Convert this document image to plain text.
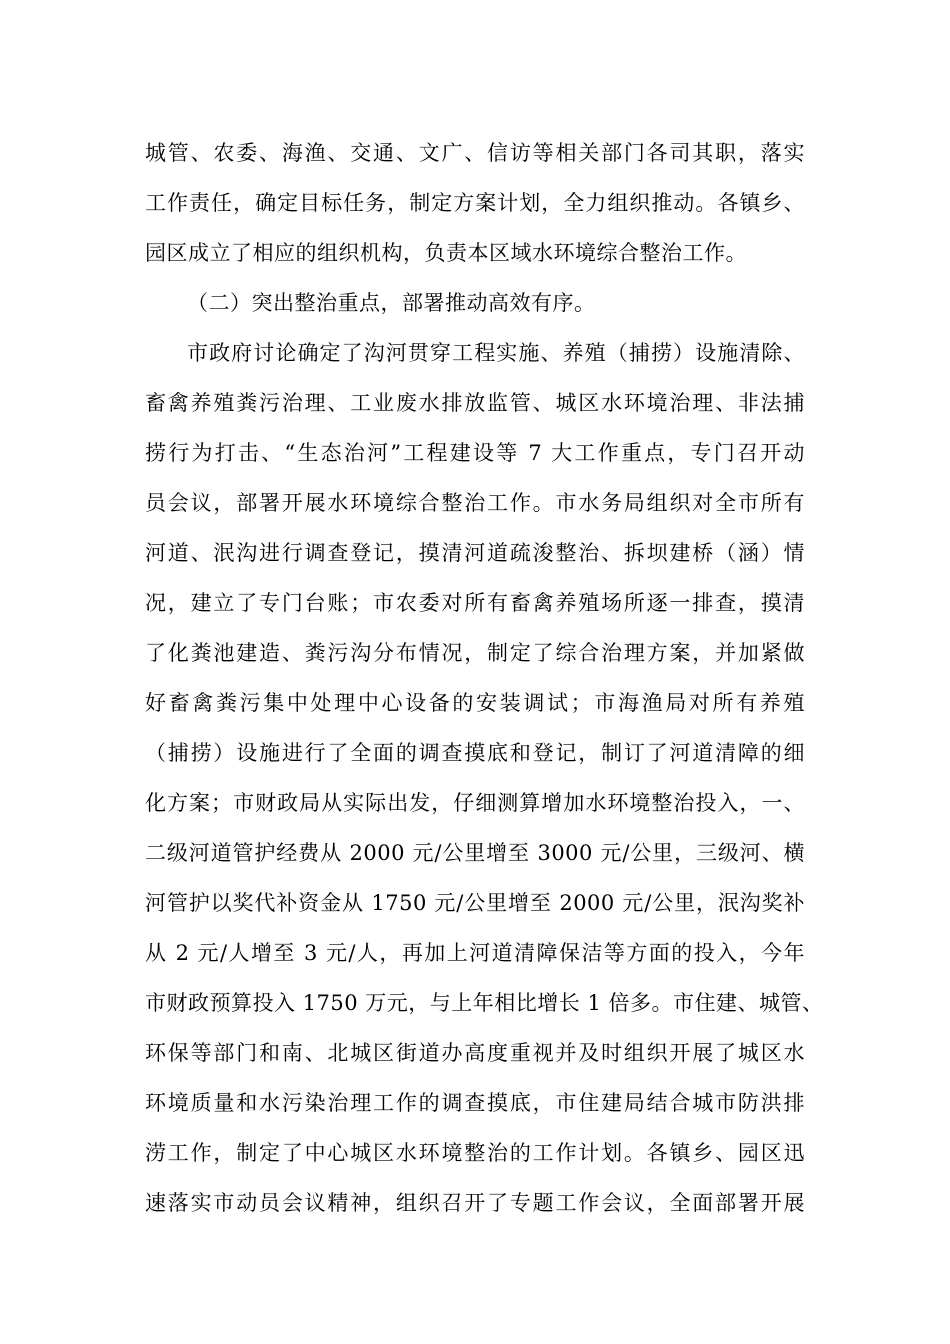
城管、农委、海渔、交通、文广、信访等相关部门各司其职，落实
工作责任，确定目标任务，制定方案计划，全力组织推动。各镇乡、
园区成立了相应的组织机构，负责本区域水环境综合整治工作。
（二）突出整治重点，部署推动高效有序。
市政府讨论确定了沟河贯穿工程实施、养殖（捕捞）设施清除、
畜禽养殖粪污治理、工业废水排放监管、城区水环境治理、非法捕
捞行为打击、“生态治河”工程建设等 7 大工作重点，专门召开动
员会议，部署开展水环境综合整治工作。市水务局组织对全市所有
河道、泯沟进行调查登记，摸清河道疏浚整治、拆坝建桥（涵）情
况，建立了专门台账；市农委对所有畜禽养殖场所逐一排查，摸清
了化粪池建造、粪污沟分布情况，制定了综合治理方案，并加紧做
好畜禽粪污集中处理中心设备的安装调试；市海渔局对所有养殖
（捕捞）设施进行了全面的调查摸底和登记，制订了河道清障的细
化方案；市财政局从实际出发，仔细测算增加水环境整治投入，一、
二级河道管护经费从 2000 元/公里增至 3000 元/公里，三级河、横
河管护以奖代补资金从 1750 元/公里增至 2000 元/公里，泯沟奖补
从 2 元/人增至 3 元/人，再加上河道清障保洁等方面的投入，今年
市财政预算投入 1750 万元，与上年相比增长 1 倍多。市住建、城管、
环保等部门和南、北城区街道办高度重视并及时组织开展了城区水
环境质量和水污染治理工作的调查摸底，市住建局结合城市防洪排
涝工作，制定了中心城区水环境整治的工作计划。各镇乡、园区迅
速落实市动员会议精神，组织召开了专题工作会议，全面部署开展
